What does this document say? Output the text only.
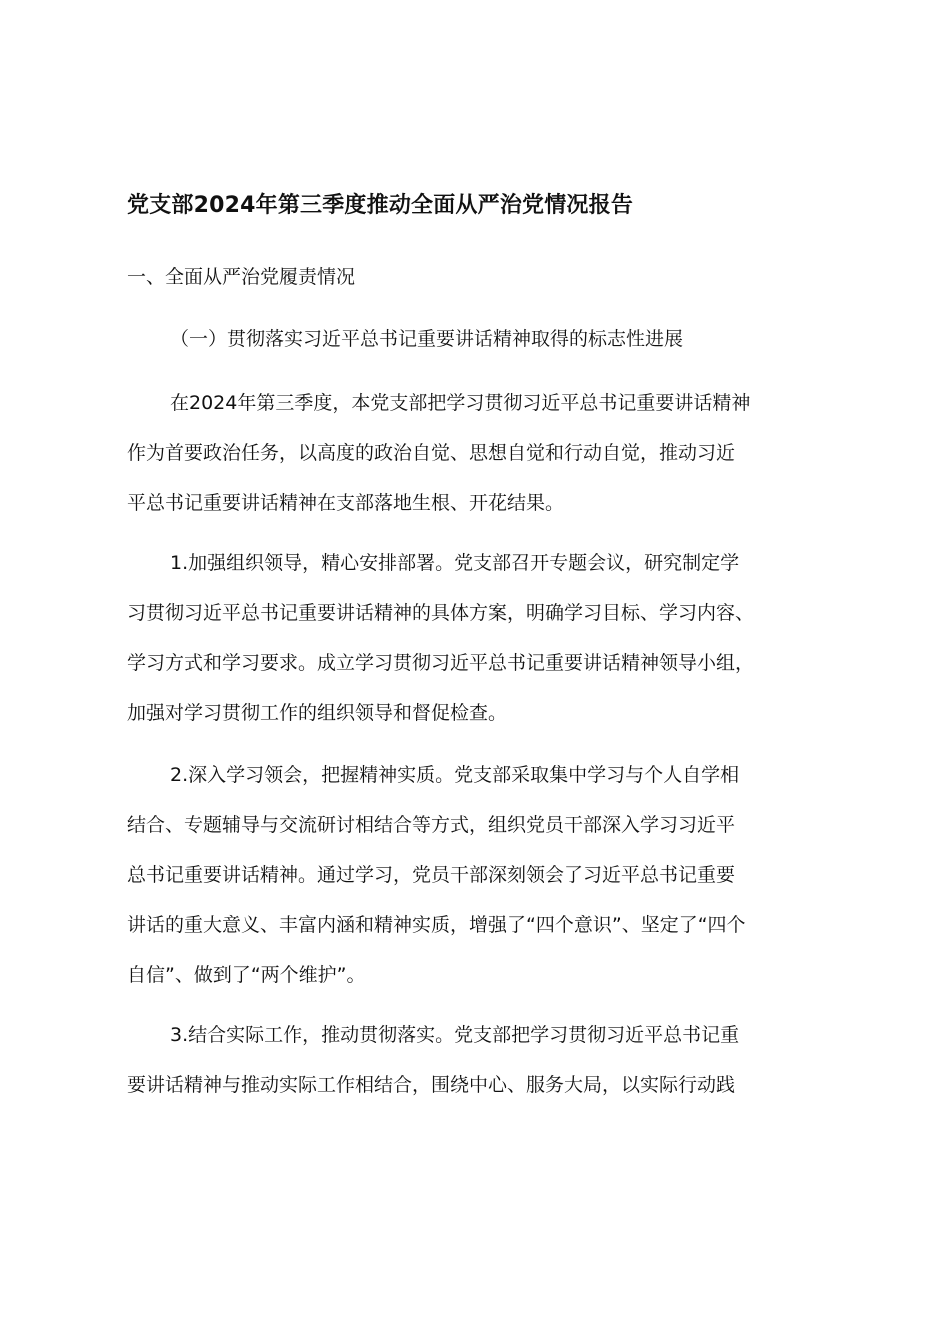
党支部2024年第三季度推动全面从严治党情况报告
一、全面从严治党履责情况
（一）贯彻落实习近平总书记重要讲话精神取得的标志性进展
在2024年第三季度，本党支部把学习贯彻习近平总书记重要讲话精神
作为首要政治任务，以高度的政治自觉、思想自觉和行动自觉，推动习近
平总书记重要讲话精神在支部落地生根、开花结果。
1.加强组织领导，精心安排部署。党支部召开专题会议，研究制定学
习贯彻习近平总书记重要讲话精神的具体方案，明确学习目标、学习内容、
学习方式和学习要求。成立学习贯彻习近平总书记重要讲话精神领导小组，
加强对学习贯彻工作的组织领导和督促检查。
2.深入学习领会，把握精神实质。党支部采取集中学习与个人自学相
结合、专题辅导与交流研讨相结合等方式，组织党员干部深入学习习近平
总书记重要讲话精神。通过学习，党员干部深刻领会了习近平总书记重要
讲话的重大意义、丰富内涵和精神实质，增强了“四个意识”、坚定了“四个
自信”、做到了“两个维护”。
3.结合实际工作，推动贯彻落实。党支部把学习贯彻习近平总书记重
要讲话精神与推动实际工作相结合，围绕中心、服务大局，以实际行动践
